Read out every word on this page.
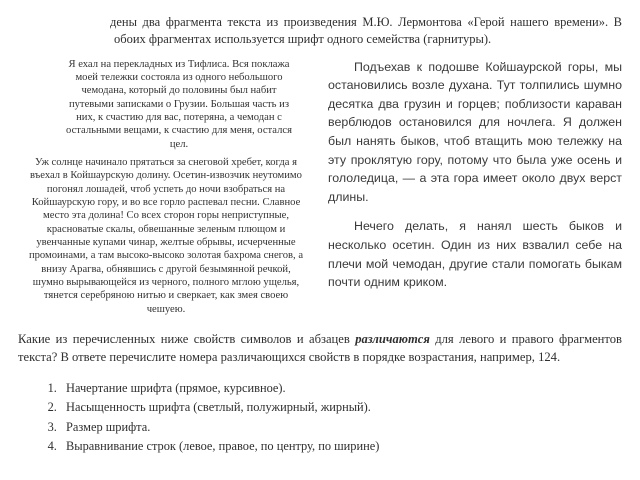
дены два фрагмента текста из произведения М.Ю. Лермонтова «Герой нашего времени». В обоих фрагментах используется шрифт одного семейства (гарнитуры).

Я ехал на перекладных из Тифлиса. Вся поклажа моей тележки состояла из одного небольшого чемодана, который до половины был набит путевыми записками о Грузии. Большая часть из них, к счастию для вас, потеряна, а чемодан с остальными вещами, к счастию для меня, остался цел.

Уж солнце начинало прятаться за снеговой хребет, когда я въехал в Койшаурскую долину. Осетин-извозчик неутомимо погонял лошадей, чтоб успеть до ночи взобраться на Койшаурскую гору, и во все горло распевал песни. Славное место эта долина! Со всех сторон горы неприступные, красноватые скалы, обвешанные зеленым плющом и увенчанные купами чинар, желтые обрывы, исчерченные промоинами, а там высоко-высоко золотая бахрома снегов, а внизу Арагва, обнявшись с другой безымянной речкой, шумно вырывающейся из черного, полного мглою ущелья, тянется серебряною нитью и сверкает, как змея своею чешуею.

Подъехав к подошве Койшаурской горы, мы остановились возле духана. Тут толпились шумно десятка два грузин и горцев; поблизости караван верблюдов остановился для ночлега. Я должен был нанять быков, чтоб втащить мою тележку на эту проклятую гору, потому что была уже осень и гололедица, — а эта гора имеет около двух верст длины.

Нечего делать, я нанял шесть быков и несколько осетин. Один из них взвалил себе на плечи мой чемодан, другие стали помогать быкам почти одним криком.

Какие из перечисленных ниже свойств символов и абзацев различаются для левого и правого фрагментов текста? В ответе перечислите номера различающихся свойств в порядке возрастания, например, 124.

1. Начертание шрифта (прямое, курсивное).
2. Насыщенность шрифта (светлый, полужирный, жирный).
3. Размер шрифта.
4. Выравнивание строк (левое, правое, по центру, по ширине)
